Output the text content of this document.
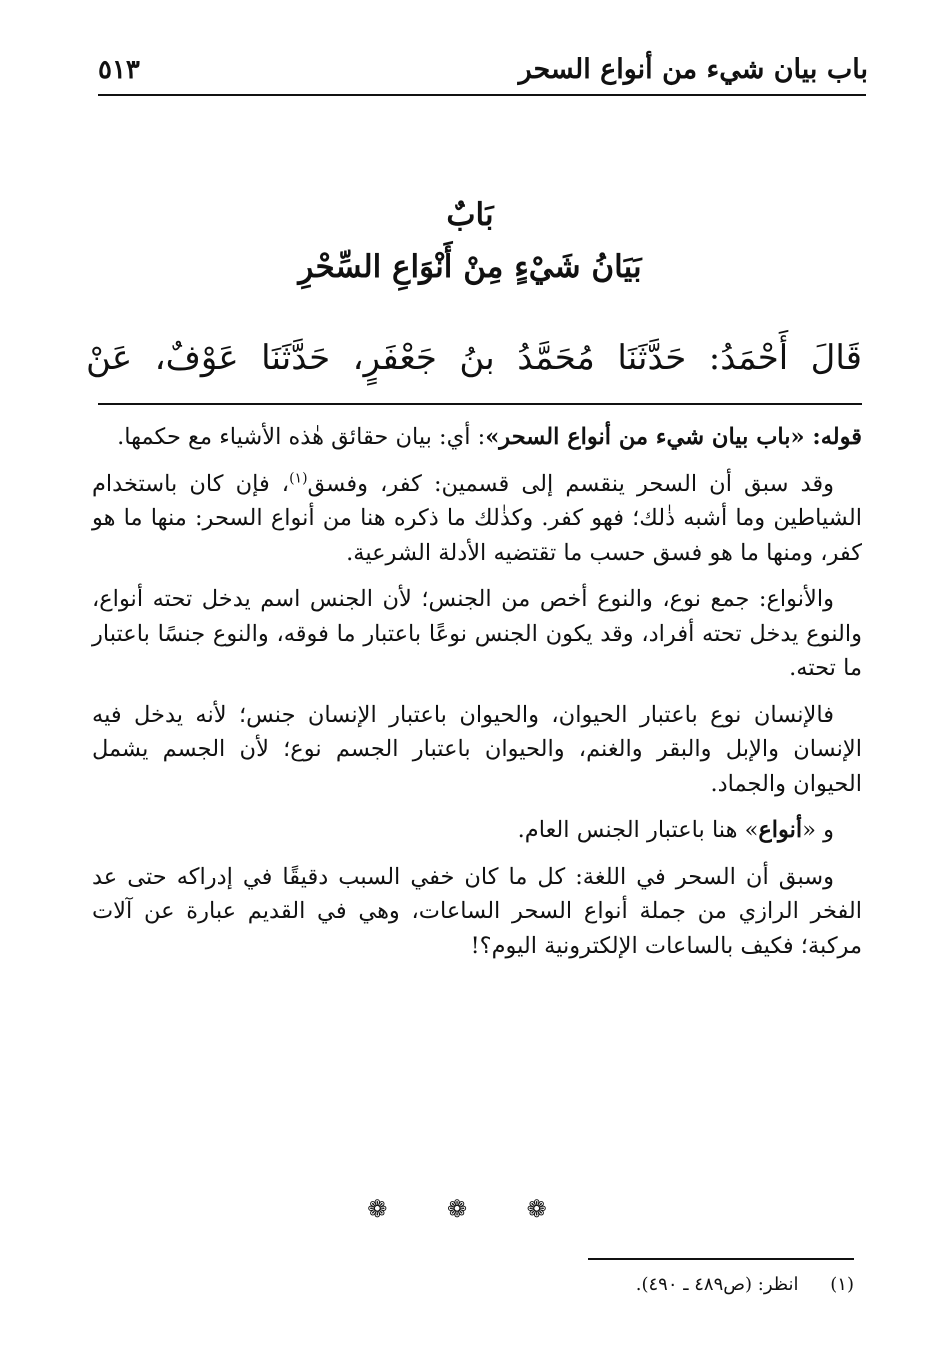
باب بيان شيء من أنواع السحر
٥١٣
بَابٌ
بَيَانُ شَيْءٍ مِنْ أَنْوَاعِ السِّحْرِ
قَالَ أَحْمَدُ: حَدَّثَنَا مُحَمَّدُ بنُ جَعْفَرٍ، حَدَّثَنَا عَوْفٌ، عَنْ

قوله: «باب بيان شيء من أنواع السحر»: أي: بيان حقائق هٰذه الأشياء مع حكمها.

وقد سبق أن السحر ينقسم إلى قسمين: كفر، وفسق$^{(١)}$، فإن كان باستخدام الشياطين وما أشبه ذٰلك؛ فهو كفر. وكذٰلك ما ذكره هنا من أنواع السحر: منها ما هو كفر، ومنها ما هو فسق حسب ما تقتضيه الأدلة الشرعية.

والأنواع: جمع نوع، والنوع أخص من الجنس؛ لأن الجنس اسم يدخل تحته أنواع، والنوع يدخل تحته أفراد، وقد يكون الجنس نوعًا باعتبار ما فوقه، والنوع جنسًا باعتبار ما تحته.

فالإنسان نوع باعتبار الحيوان، والحيوان باعتبار الإنسان جنس؛ لأنه يدخل فيه الإنسان والإبل والبقر والغنم، والحيوان باعتبار الجسم نوع؛ لأن الجسم يشمل الحيوان والجماد.

و «أنواع» هنا باعتبار الجنس العام.

وسبق أن السحر في اللغة: كل ما كان خفي السبب دقيقًا في إدراكه حتى عد الفخر الرازي من جملة أنواع السحر الساعات، وهي في القديم عبارة عن آلات مركبة؛ فكيف بالساعات الإلكترونية اليوم؟!

❁ ❁ ❁
(١) انظر: (ص٤٨٩ ـ ٤٩٠).
